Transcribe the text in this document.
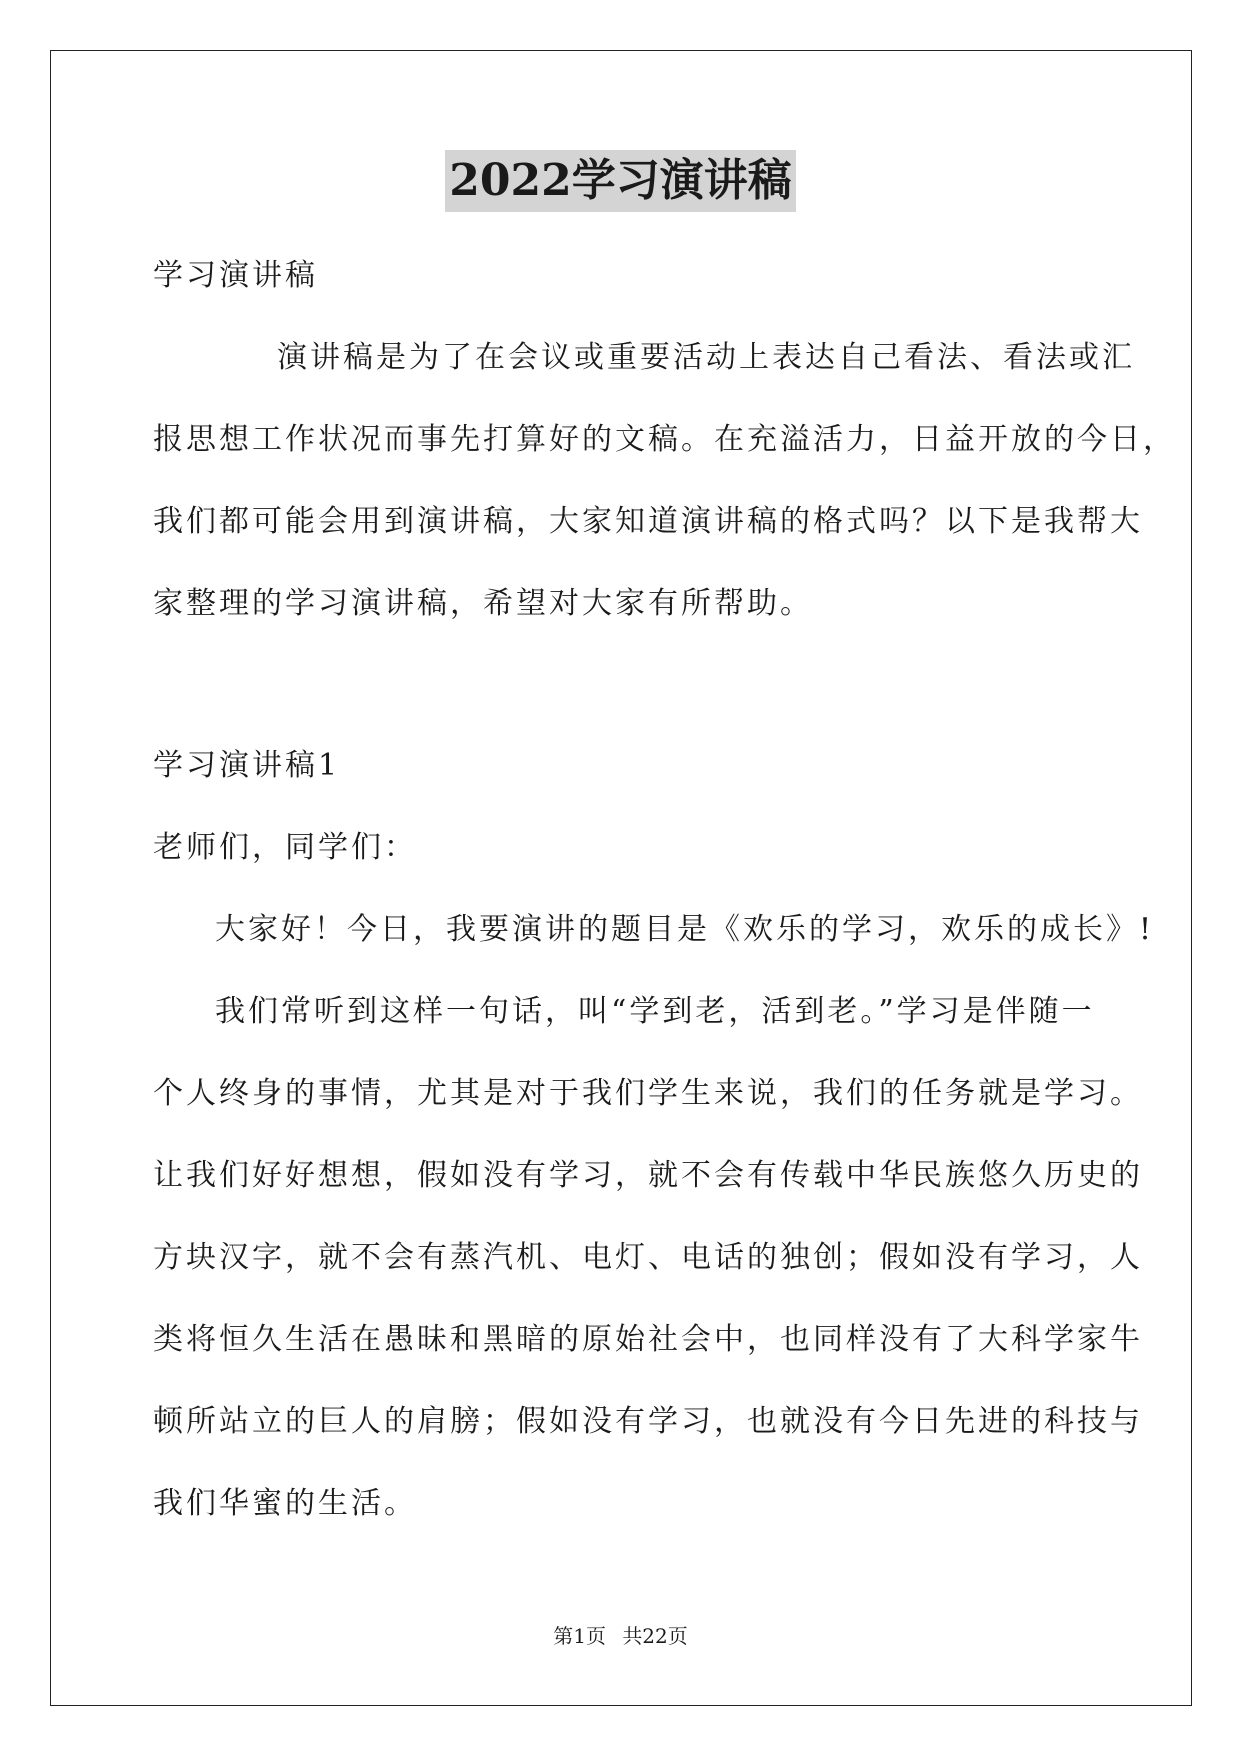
2022学习演讲稿

学习演讲稿

演讲稿是为了在会议或重要活动上表达自己看法、看法或汇

报思想工作状况而事先打算好的文稿。在充溢活力，日益开放的今日，

我们都可能会用到演讲稿，大家知道演讲稿的格式吗？以下是我帮大

家整理的学习演讲稿，希望对大家有所帮助。

学习演讲稿1

老师们，同学们：

大家好！今日，我要演讲的题目是《欢乐的学习，欢乐的成长》!

我们常听到这样一句话，叫“学到老，活到老。”学习是伴随一

个人终身的事情，尤其是对于我们学生来说，我们的任务就是学习。

让我们好好想想，假如没有学习，就不会有传载中华民族悠久历史的

方块汉字，就不会有蒸汽机、电灯、电话的独创；假如没有学习，人

类将恒久生活在愚昧和黑暗的原始社会中，也同样没有了大科学家牛

顿所站立的巨人的肩膀；假如没有学习，也就没有今日先进的科技与

我们华蜜的生活。

第1页 共22页
